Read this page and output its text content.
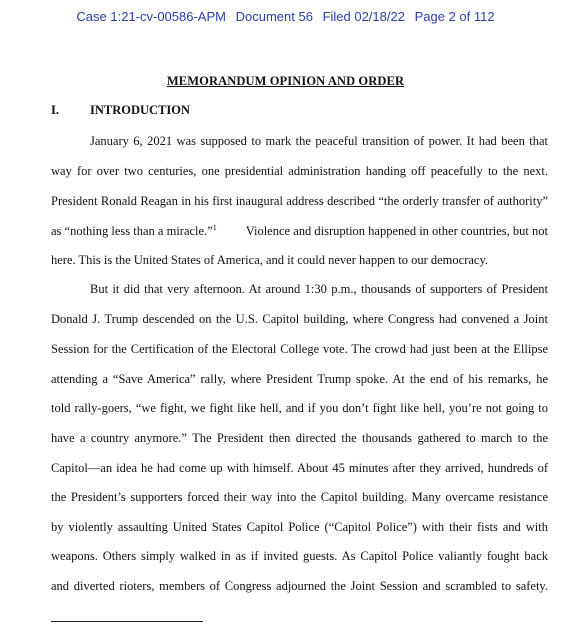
Case 1:21-cv-00586-APM Document 56 Filed 02/18/22 Page 2 of 112
MEMORANDUM OPINION AND ORDER
I. INTRODUCTION
January 6, 2021 was supposed to mark the peaceful transition of power. It had been that
way for over two centuries, one presidential administration handing off peacefully to the next.
President Ronald Reagan in his first inaugural address described “the orderly transfer of authority”
as “nothing less than a miracle.”$^1$ Violence and disruption happened in other countries, but not
here. This is the United States of America, and it could never happen to our democracy.
But it did that very afternoon. At around 1:30 p.m., thousands of supporters of President
Donald J. Trump descended on the U.S. Capitol building, where Congress had convened a Joint
Session for the Certification of the Electoral College vote. The crowd had just been at the Ellipse
attending a “Save America” rally, where President Trump spoke. At the end of his remarks, he
told rally-goers, “we fight, we fight like hell, and if you don’t fight like hell, you’re not going to
have a country anymore.” The President then directed the thousands gathered to march to the
Capitol—an idea he had come up with himself. About 45 minutes after they arrived, hundreds of
the President’s supporters forced their way into the Capitol building. Many overcame resistance
by violently assaulting United States Capitol Police (“Capitol Police”) with their fists and with
weapons. Others simply walked in as if invited guests. As Capitol Police valiantly fought back
and diverted rioters, members of Congress adjourned the Joint Session and scrambled to safety.
